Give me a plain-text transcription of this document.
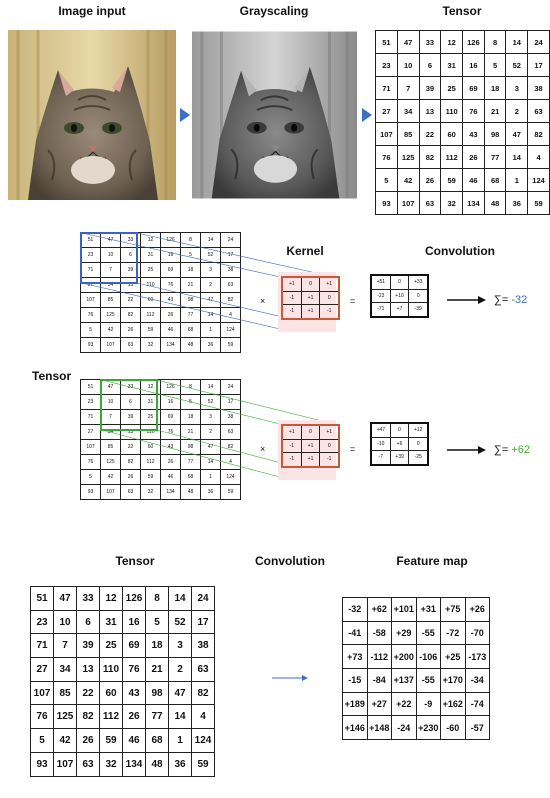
Image input	Grayscaling	Tensor
51	47	33	12	126	8	14	24
23	10	6	31	16	5	52	17
71	7	39	25	69	18	3	38
27	34	13	110	76	21	2	63
107	85	22	60	43	98	47	82
76	125	82	112	26	77	14	4
5	42	26	59	46	68	1	124
93	107	63	32	134	48	36	59
Tensor
Kernel	Convolution
51	47	33	12	126	8	14	24
23	10	6	31	16	5	52	17
71	7	39	25	69	18	3	38
27	34	13	110	76	21	2	63
107	85	22	60	43	98	47	82
76	125	82	112	26	77	14	4
5	42	26	59	46	68	1	124
93	107	63	32	134	48	36	59
51	47	33	12	126	8	14	24
23	10	6	31	16	5	52	17
71	7	39	25	69	18	3	38
27	34	13	110	76	21	2	63
107	85	22	60	43	98	47	82
76	125	82	112	26	77	14	4
5	42	26	59	46	68	1	124
93	107	63	32	134	48	36	59
+1	0	+1
-1	+1	0
-1	+1	-1
×	=
+51	0	+33
-23	+10	0
-71	+7	-39
∑= -32
+1	0	+1
-1	+1	0
-1	+1	-1
×	=
+47	0	+12
-10	+6	0
-7	+39	-25
∑= +62
Tensor	Convolution	Feature map
51	47	33	12	126	8	14	24
23	10	6	31	16	5	52	17
71	7	39	25	69	18	3	38
27	34	13	110	76	21	2	63
107	85	22	60	43	98	47	82
76	125	82	112	26	77	14	4
5	42	26	59	46	68	1	124
93	107	63	32	134	48	36	59
-32	+62	+101	+31	+75	+26
-41	-58	+29	-55	-72	-70
+73	-112	+200	-106	+25	-173
-15	-84	+137	-55	+170	-34
+189	+27	+22	-9	+162	-74
+146	+148	-24	+230	-60	-57
